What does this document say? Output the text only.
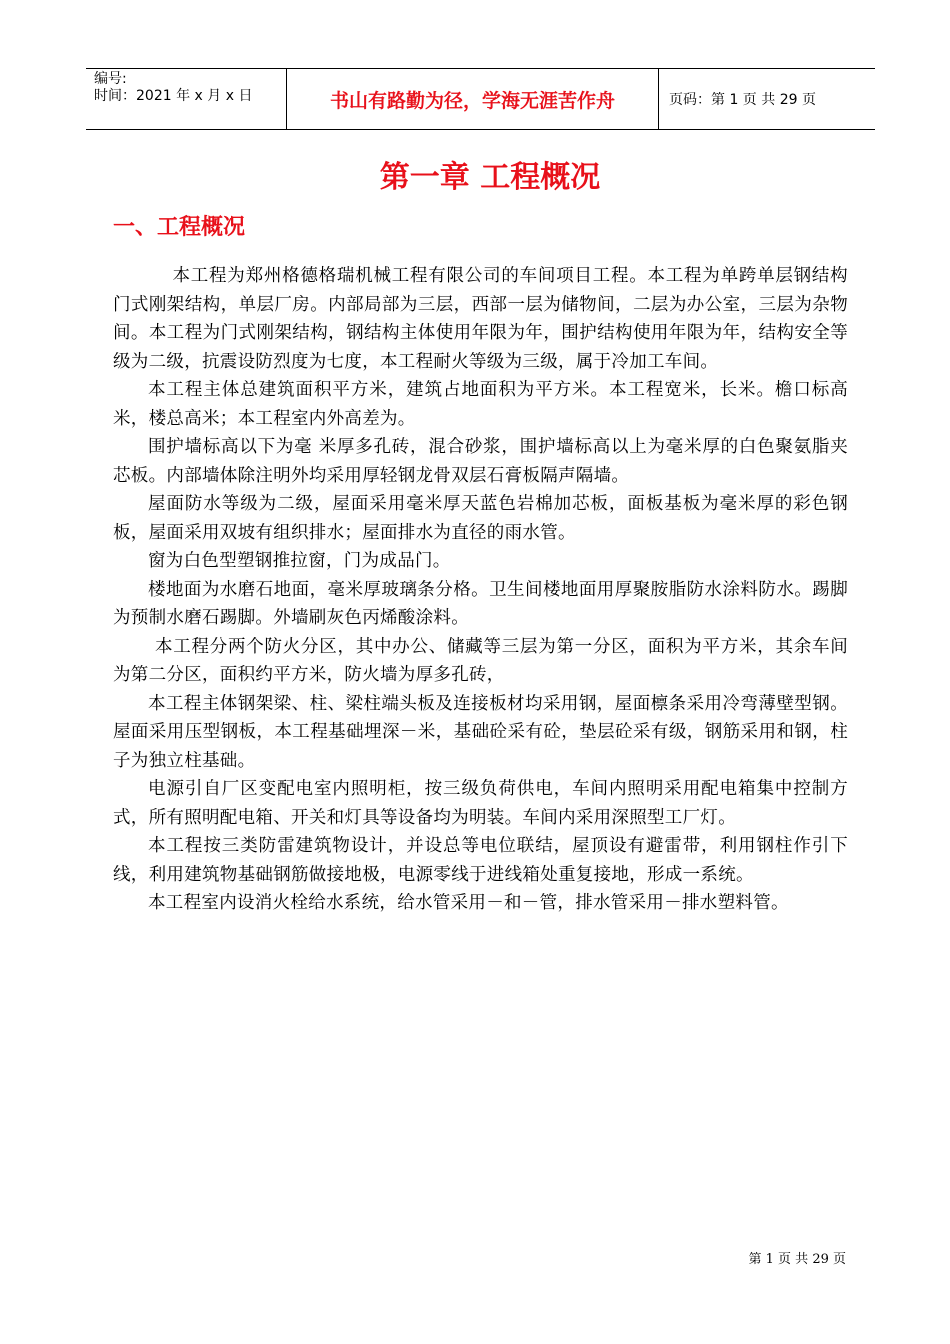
编号:
时间：2021 年 x 月 x 日	书山有路勤为径，学海无涯苦作舟	页码：第 1 页 共 29 页
第一章 工程概况
一、工程概况

本工程为郑州格德格瑞机械工程有限公司的车间项目工程。本工程为单跨单层钢结构门式刚架结构，单层厂房。内部局部为三层，西部一层为储物间，二层为办公室，三层为杂物间。本工程为门式刚架结构，钢结构主体使用年限为年，围护结构使用年限为年，结构安全等级为二级，抗震设防烈度为七度，本工程耐火等级为三级，属于冷加工车间。

本工程主体总建筑面积平方米，建筑占地面积为平方米。本工程宽米，长米。檐口标高米，楼总高米；本工程室内外高差为。

围护墙标高以下为毫 米厚多孔砖，混合砂浆，围护墙标高以上为毫米厚的白色聚氨脂夹芯板。内部墙体除注明外均采用厚轻钢龙骨双层石膏板隔声隔墙。

屋面防水等级为二级，屋面采用毫米厚天蓝色岩棉加芯板，面板基板为毫米厚的彩色钢板，屋面采用双坡有组织排水；屋面排水为直径的雨水管。

窗为白色型塑钢推拉窗，门为成品门。

楼地面为水磨石地面，毫米厚玻璃条分格。卫生间楼地面用厚聚胺脂防水涂料防水。踢脚为预制水磨石踢脚。外墙刷灰色丙烯酸涂料。

本工程分两个防火分区，其中办公、储藏等三层为第一分区，面积为平方米，其余车间为第二分区，面积约平方米，防火墙为厚多孔砖，

本工程主体钢架梁、柱、梁柱端头板及连接板材均采用钢，屋面檩条采用冷弯薄壁型钢。屋面采用压型钢板，本工程基础埋深－米，基础砼采有砼，垫层砼采有级，钢筋采用和钢，柱子为独立柱基础。

电源引自厂区变配电室内照明柜，按三级负荷供电，车间内照明采用配电箱集中控制方式，所有照明配电箱、开关和灯具等设备均为明装。车间内采用深照型工厂灯。

本工程按三类防雷建筑物设计，并设总等电位联结，屋顶设有避雷带，利用钢柱作引下线，利用建筑物基础钢筋做接地极，电源零线于进线箱处重复接地，形成一系统。

本工程室内设消火栓给水系统，给水管采用－和－管，排水管采用－排水塑料管。

第 1 页 共 29 页
